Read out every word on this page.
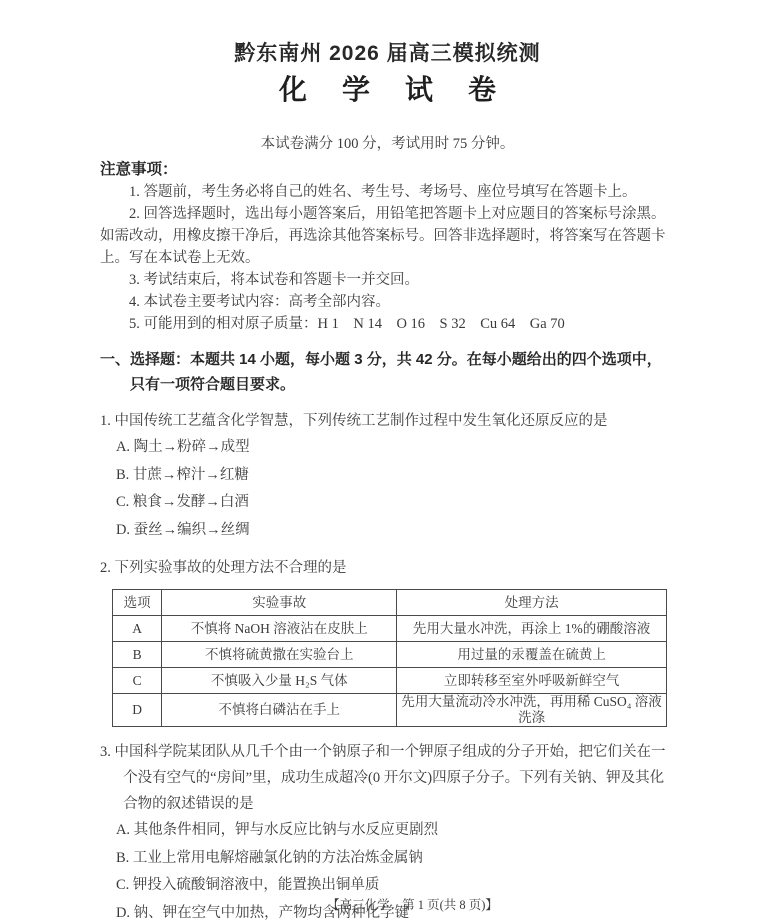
黔东南州 2026 届高三模拟统测
化 学 试 卷

本试卷满分 100 分，考试用时 75 分钟。

注意事项：

1. 答题前，考生务必将自己的姓名、考生号、考场号、座位号填写在答题卡上。

2. 回答选择题时，选出每小题答案后，用铅笔把答题卡上对应题目的答案标号涂黑。如需改动，用橡皮擦干净后，再选涂其他答案标号。回答非选择题时，将答案写在答题卡上。写在本试卷上无效。

3. 考试结束后，将本试卷和答题卡一并交回。

4. 本试卷主要考试内容：高考全部内容。

5. 可能用到的相对原子质量：H 1　N 14　O 16　S 32　Cu 64　Ga 70

一、选择题：本题共 14 小题，每小题 3 分，共 42 分。在每小题给出的四个选项中，只有一项符合题目要求。

1. 中国传统工艺蕴含化学智慧，下列传统工艺制作过程中发生氧化还原反应的是

A. 陶土→粉碎→成型

B. 甘蔗→榨汁→红糖

C. 粮食→发酵→白酒

D. 蚕丝→编织→丝绸

2. 下列实验事故的处理方法不合理的是

选项	实验事故	处理方法
A	不慎将 NaOH 溶液沾在皮肤上	先用大量水冲洗，再涂上 1%的硼酸溶液
B	不慎将硫黄撒在实验台上	用过量的汞覆盖在硫黄上
C	不慎吸入少量 H₂S 气体	立即转移至室外呼吸新鲜空气
D	不慎将白磷沾在手上	先用大量流动冷水冲洗，再用稀 CuSO₄ 溶液洗涤

3. 中国科学院某团队从几千个由一个钠原子和一个钾原子组成的分子开始，把它们关在一个没有空气的“房间”里，成功生成超冷(0 开尔文)四原子分子。下列有关钠、钾及其化合物的叙述错误的是

A. 其他条件相同，钾与水反应比钠与水反应更剧烈

B. 工业上常用电解熔融氯化钠的方法冶炼金属钠

C. 钾投入硫酸铜溶液中，能置换出铜单质

D. 钠、钾在空气中加热，产物均含两种化学键

【高三化学　第 1 页(共 8 页)】
